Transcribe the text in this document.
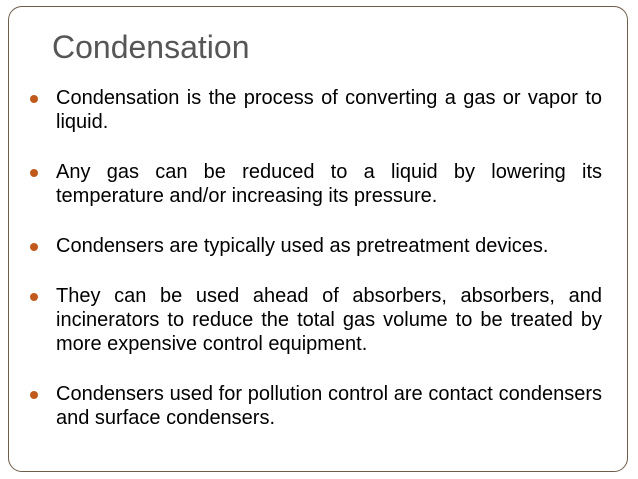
Condensation
Condensation is the process of converting a gas or vapor to liquid.
Any gas can be reduced to a liquid by lowering its temperature and/or increasing its pressure.
Condensers are typically used as pretreatment devices.
They can be used ahead of absorbers, absorbers, and incinerators to reduce the total gas volume to be treated by more expensive control equipment.
Condensers used for pollution control are contact condensers and surface condensers.
